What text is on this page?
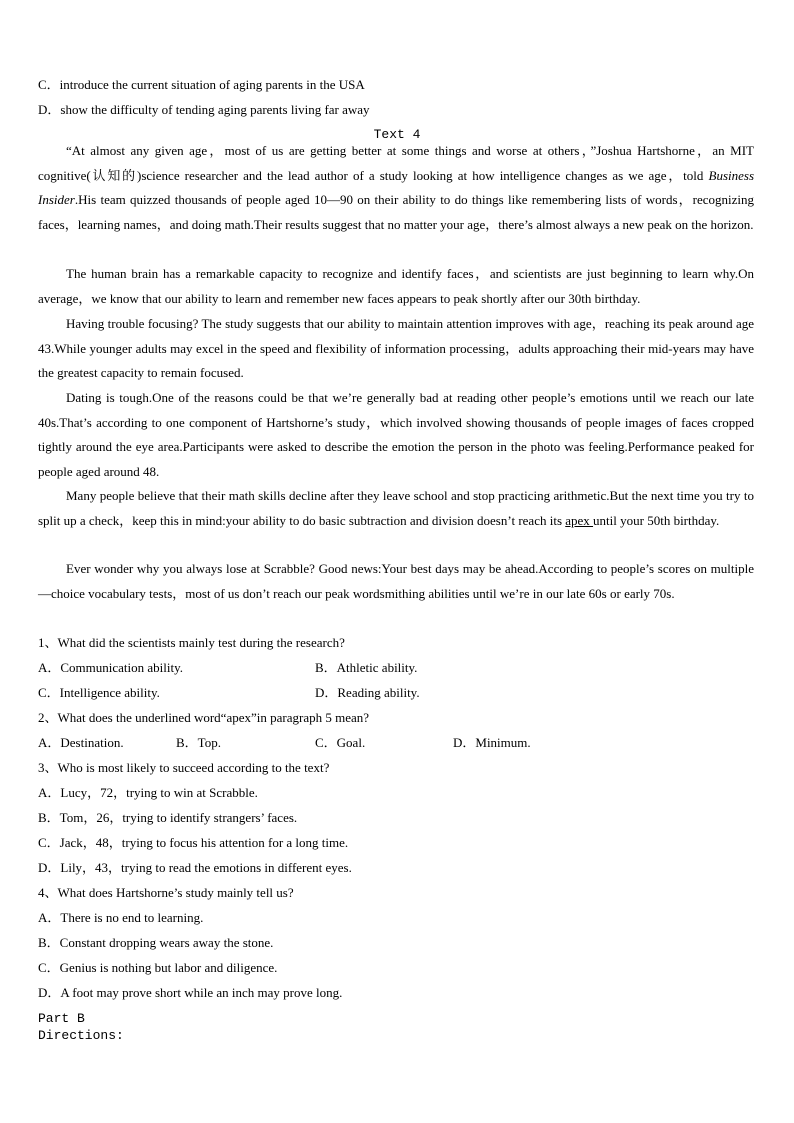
C．introduce the current situation of aging parents in the USA
D．show the difficulty of tending aging parents living far away
Text 4
“At almost any given age，most of us are getting better at some things and worse at others，”Joshua Hartshorne，an MIT cognitive(认知的)science researcher and the lead author of a study looking at how intelligence changes as we age，told Business Insider.His team quizzed thousands of people aged 10—90 on their ability to do things like remembering lists of words，recognizing faces，learning names，and doing math.Their results suggest that no matter your age，there’s almost always a new peak on the horizon.
The human brain has a remarkable capacity to recognize and identify faces，and scientists are just beginning to learn why.On average，we know that our ability to learn and remember new faces appears to peak shortly after our 30th birthday.
Having trouble focusing? The study suggests that our ability to maintain attention improves with age，reaching its peak around age 43.While younger adults may excel in the speed and flexibility of information processing，adults approaching their mid-years may have the greatest capacity to remain focused.
Dating is tough.One of the reasons could be that we’re generally bad at reading other people’s emotions until we reach our late 40s.That’s according to one component of Hartshorne’s study，which involved showing thousands of people images of faces cropped tightly around the eye area.Participants were asked to describe the emotion the person in the photo was feeling.Performance peaked for people aged around 48.
Many people believe that their math skills decline after they leave school and stop practicing arithmetic.But the next time you try to split up a check，keep this in mind:your ability to do basic subtraction and division doesn’t reach its apex until your 50th birthday.
Ever wonder why you always lose at Scrabble? Good news:Your best days may be ahead.According to people’s scores on multiple—choice vocabulary tests，most of us don’t reach our peak wordsmithing abilities until we’re in our late 60s or early 70s.
1、What did the scientists mainly test during the research?
A．Communication ability.	B．Athletic ability.
C．Intelligence ability.	D．Reading ability.
2、What does the underlined word“apex”in paragraph 5 mean?
A．Destination.	B．Top.	C．Goal.	D．Minimum.
3、Who is most likely to succeed according to the text?
A．Lucy，72，trying to win at Scrabble.
B．Tom，26，trying to identify strangers’ faces.
C．Jack，48，trying to focus his attention for a long time.
D．Lily，43，trying to read the emotions in different eyes.
4、What does Hartshorne’s study mainly tell us?
A．There is no end to learning.
B．Constant dropping wears away the stone.
C．Genius is nothing but labor and diligence.
D．A foot may prove short while an inch may prove long.
Part B
Directions:
